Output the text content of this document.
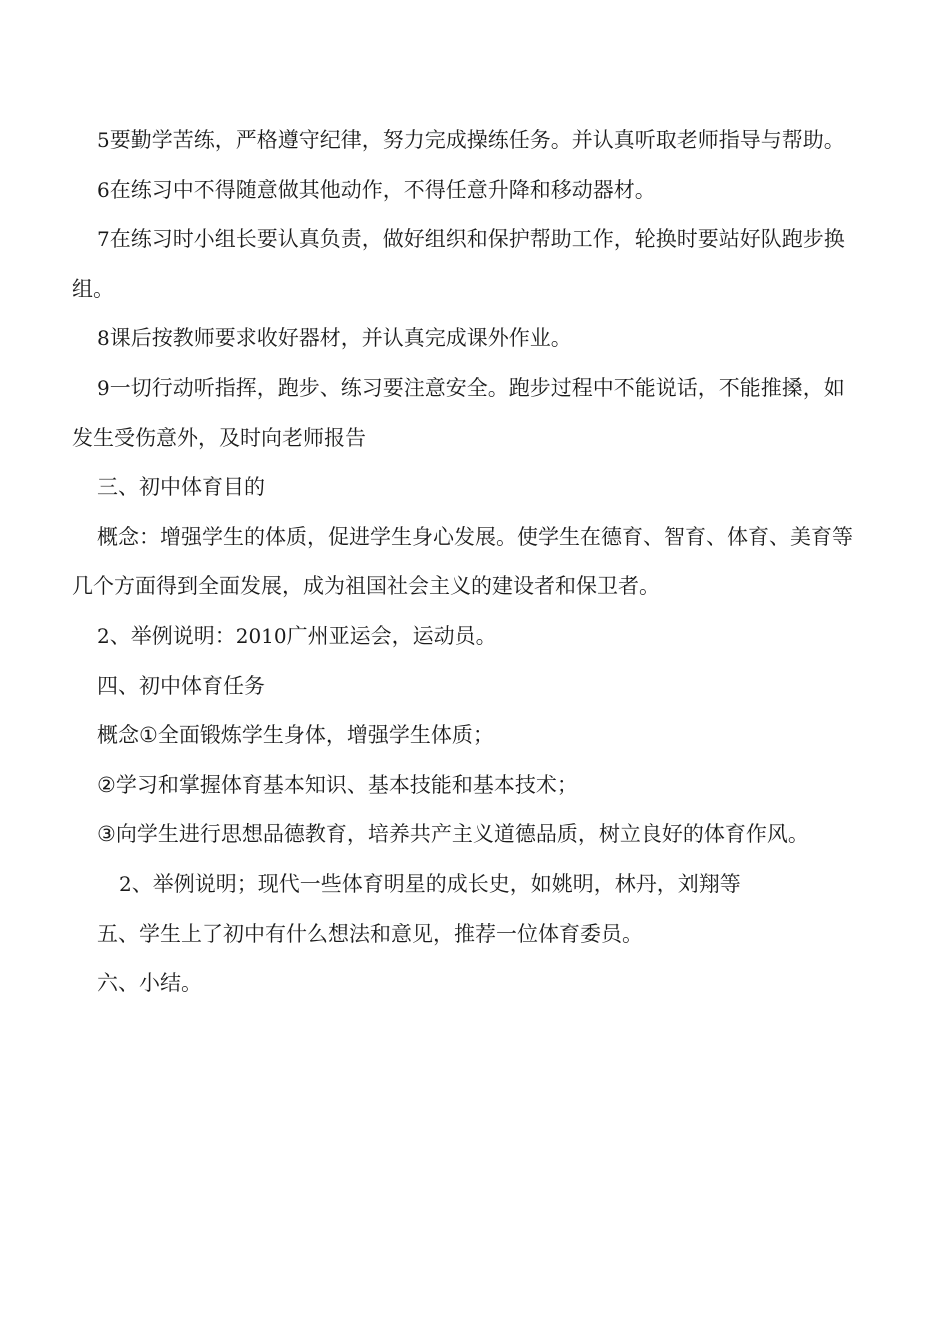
5要勤学苦练，严格遵守纪律，努力完成操练任务。并认真听取老师指导与帮助。

6在练习中不得随意做其他动作，不得任意升降和移动器材。

7在练习时小组长要认真负责，做好组织和保护帮助工作，轮换时要站好队跑步换组。

8课后按教师要求收好器材，并认真完成课外作业。

9一切行动听指挥，跑步、练习要注意安全。跑步过程中不能说话，不能推搡，如发生受伤意外，及时向老师报告

三、初中体育目的

概念：增强学生的体质，促进学生身心发展。使学生在德育、智育、体育、美育等几个方面得到全面发展，成为祖国社会主义的建设者和保卫者。

2、举例说明：2010广州亚运会，运动员。

四、初中体育任务

概念①全面锻炼学生身体，增强学生体质；

②学习和掌握体育基本知识、基本技能和基本技术；

③向学生进行思想品德教育，培养共产主义道德品质，树立良好的体育作风。

2、举例说明；现代一些体育明星的成长史，如姚明，林丹，刘翔等

五、学生上了初中有什么想法和意见，推荐一位体育委员。

六、小结。
